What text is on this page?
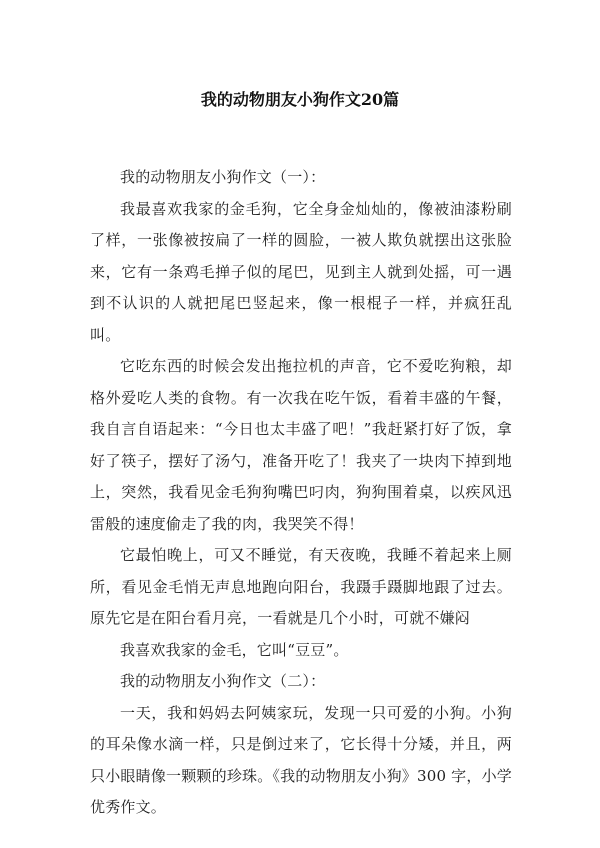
我的动物朋友小狗作文20篇

我的动物朋友小狗作文（一）：

我最喜欢我家的金毛狗，它全身金灿灿的，像被油漆粉刷了样，一张像被按扁了一样的圆脸，一被人欺负就摆出这张脸来，它有一条鸡毛掸子似的尾巴，见到主人就到处摇，可一遇到不认识的人就把尾巴竖起来，像一根棍子一样，并疯狂乱叫。

它吃东西的时候会发出拖拉机的声音，它不爱吃狗粮，却格外爱吃人类的食物。有一次我在吃午饭，看着丰盛的午餐，我自言自语起来：“今日也太丰盛了吧！”我赶紧打好了饭，拿好了筷子，摆好了汤勺，准备开吃了！我夹了一块肉下掉到地上，突然，我看见金毛狗狗嘴巴叼肉，狗狗围着桌，以疾风迅雷般的速度偷走了我的肉，我哭笑不得！

它最怕晚上，可又不睡觉，有天夜晚，我睡不着起来上厕所，看见金毛悄无声息地跑向阳台，我蹑手蹑脚地跟了过去。原先它是在阳台看月亮，一看就是几个小时，可就不嫌闷

我喜欢我家的金毛，它叫“豆豆”。

我的动物朋友小狗作文（二）：

一天，我和妈妈去阿姨家玩，发现一只可爱的小狗。小狗的耳朵像水滴一样，只是倒过来了，它长得十分矮，并且，两只小眼睛像一颗颗的珍珠。《我的动物朋友小狗》300 字，小学优秀作文。
